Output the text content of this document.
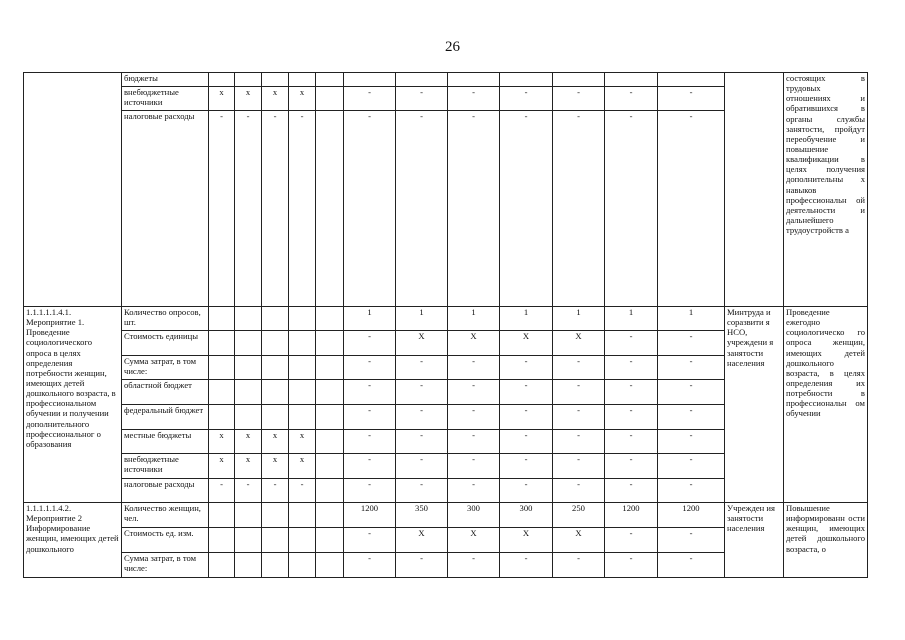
26
	бюджеты														состоящих в трудовых отношениях и обратившихся в органы службы занятости, пройдут переобучение и повышение квалификации в целях получения дополнительны х навыков профессиональн ой деятельности и дальнейшего трудоустройств а
	внебюджетные источники	x	x	x	x		-	-	-	-	-	-	-		
	налоговые расходы	-	-	-	-		-	-	-	-	-	-	-		
1.1.1.1.1.4.1. Мероприятие 1. Проведение социологического опроса в целях определения потребности женщин, имеющих детей дошкольного возраста, в профессиональном обучении и получении дополнительного профессиональног о образования	Количество опросов, шт.						1	1	1	1	1	1	1	Минтруда и соразвити я НСО, учреждени я занятости населения	Проведение ежегодно социологическо го опроса женщин, имеющих детей дошкольного возраста, в целях определения их потребности в профессиональн ом обучении
	Стоимость единицы						-	X	X	X	X	-	-		
	Сумма затрат, в том числе:						-	-	-	-	-	-	-		
	областной бюджет						-	-	-	-	-	-	-		
	федеральный бюджет						-	-	-	-	-	-	-		
	местные бюджеты	x	x	x	x		-	-	-	-	-	-	-		
	внебюджетные источники	x	x	x	x		-	-	-	-	-	-	-		
	налоговые расходы	-	-	-	-		-	-	-	-	-	-	-		
1.1.1.1.1.4.2. Мероприятие 2 Информирование женщин, имеющих детей дошкольного	Количество женщин, чел.						1200	350	300	300	250	1200	1200	Учрежден ия занятости населения	Повышение информированн ости женщин, имеющих детей дошкольного возраста, о
	Стоимость ед. изм.						-	X	X	X	X	-	-		
	Сумма затрат, в том числе:						-	-	-	-	-	-	-		
